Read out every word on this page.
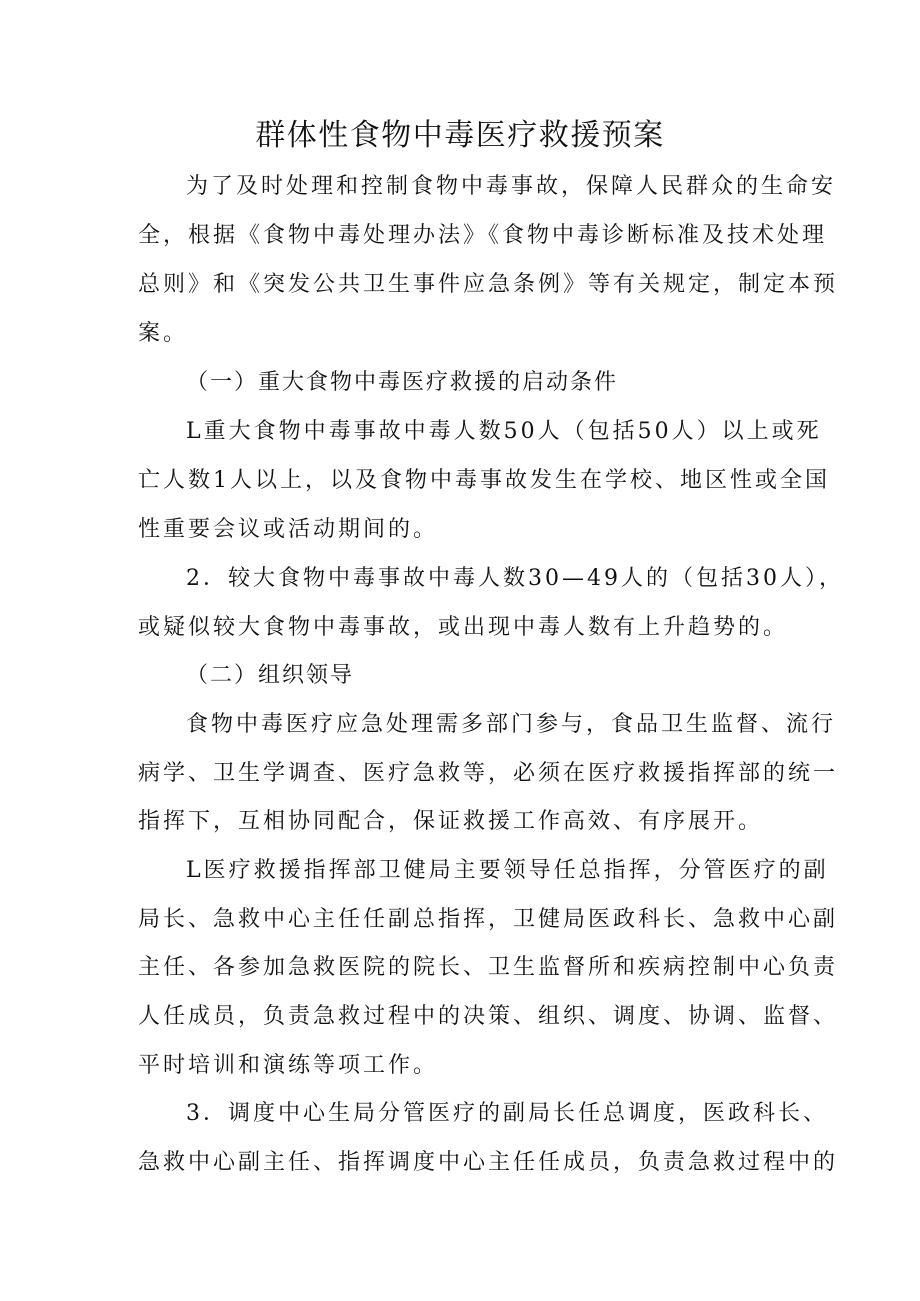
群体性食物中毒医疗救援预案

为了及时处理和控制食物中毒事故，保障人民群众的生命安

全，根据《食物中毒处理办法》《食物中毒诊断标准及技术处理

总则》和《突发公共卫生事件应急条例》等有关规定，制定本预

案。

（一）重大食物中毒医疗救援的启动条件

L重大食物中毒事故中毒人数50人（包括50人）以上或死

亡人数1人以上，以及食物中毒事故发生在学校、地区性或全国

性重要会议或活动期间的。

2．较大食物中毒事故中毒人数30—49人的（包括30人），

或疑似较大食物中毒事故，或出现中毒人数有上升趋势的。

（二）组织领导

食物中毒医疗应急处理需多部门参与，食品卫生监督、流行

病学、卫生学调查、医疗急救等，必须在医疗救援指挥部的统一

指挥下，互相协同配合，保证救援工作高效、有序展开。

L医疗救援指挥部卫健局主要领导任总指挥，分管医疗的副

局长、急救中心主任任副总指挥，卫健局医政科长、急救中心副

主任、各参加急救医院的院长、卫生监督所和疾病控制中心负责

人任成员，负责急救过程中的决策、组织、调度、协调、监督、

平时培训和演练等项工作。

3．调度中心生局分管医疗的副局长任总调度，医政科长、

急救中心副主任、指挥调度中心主任任成员，负责急救过程中的
